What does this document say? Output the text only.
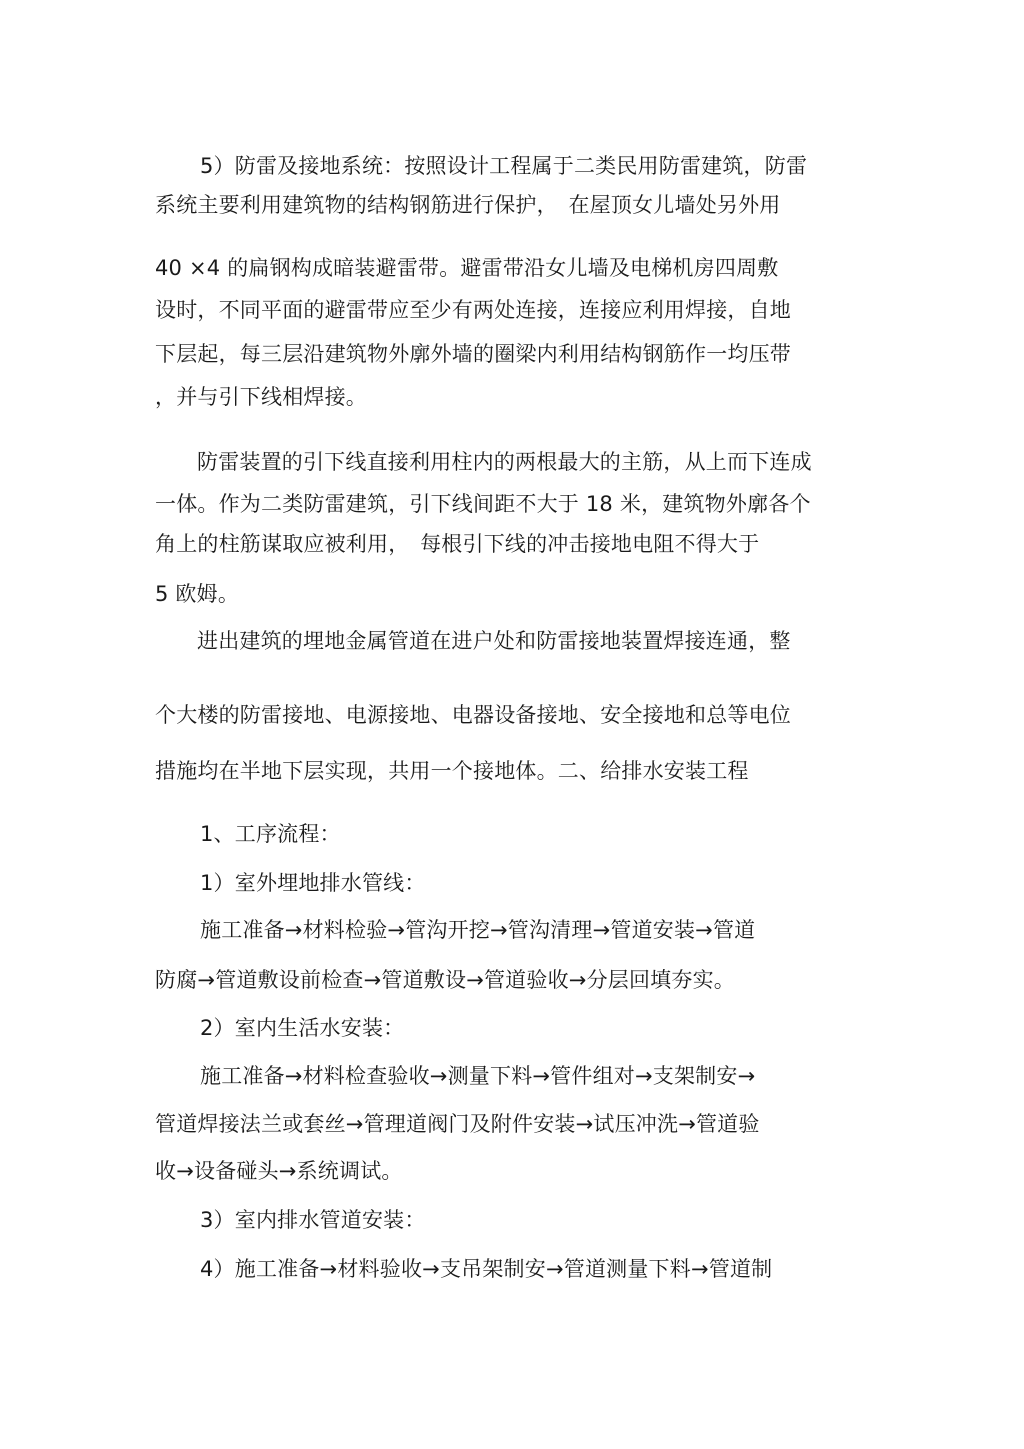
5）防雷及接地系统：按照设计工程属于二类民用防雷建筑，防雷
系统主要利用建筑物的结构钢筋进行保护，　在屋顶女儿墙处另外用
40 ×4 的扁钢构成暗装避雷带。避雷带沿女儿墙及电梯机房四周敷
设时，不同平面的避雷带应至少有两处连接，连接应利用焊接，自地
下层起，每三层沿建筑物外廓外墙的圈梁内利用结构钢筋作一均压带
，并与引下线相焊接。
防雷装置的引下线直接利用柱内的两根最大的主筋，从上而下连成
一体。作为二类防雷建筑，引下线间距不大于 18 米，建筑物外廓各个
角上的柱筋谋取应被利用，　每根引下线的冲击接地电阻不得大于
5 欧姆。
进出建筑的埋地金属管道在进户处和防雷接地装置焊接连通，整
个大楼的防雷接地、电源接地、电器设备接地、安全接地和总等电位
措施均在半地下层实现，共用一个接地体。二、给排水安装工程
1、工序流程：
1）室外埋地排水管线：
施工准备→材料检验→管沟开挖→管沟清理→管道安装→管道
防腐→管道敷设前检查→管道敷设→管道验收→分层回填夯实。
2）室内生活水安装：
施工准备→材料检查验收→测量下料→管件组对→支架制安→
管道焊接法兰或套丝→管理道阀门及附件安装→试压冲洗→管道验
收→设备碰头→系统调试。
3）室内排水管道安装：
4）施工准备→材料验收→支吊架制安→管道测量下料→管道制
